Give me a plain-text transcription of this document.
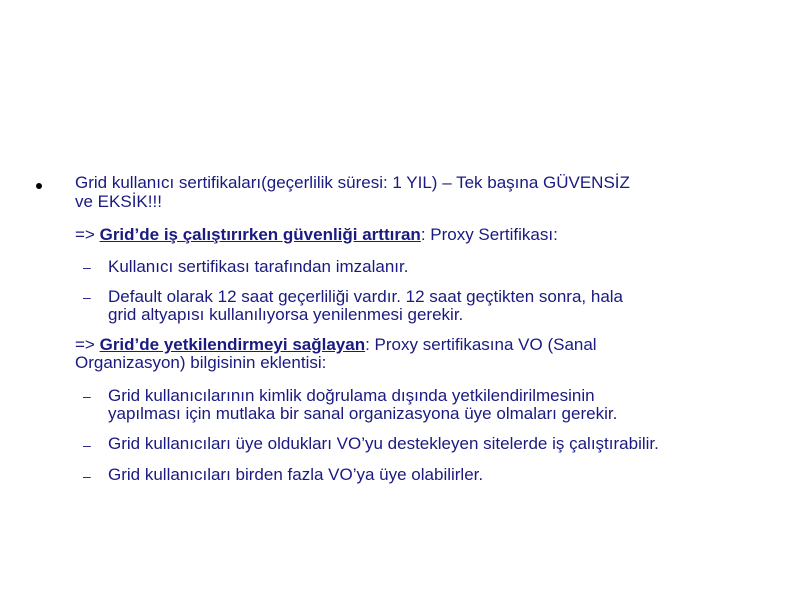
Grid kullanıcı sertifikaları(geçerlilik süresi: 1 YIL) – Tek başına GÜVENSİZ
ve EKSİK!!!
=> Grid’de iş çalıştırırken güvenliği arttıran: Proxy Sertifikası:
– Kullanıcı sertifikası tarafından imzalanır.
– Default olarak 12 saat geçerliliği vardır. 12 saat geçtikten sonra, hala
grid altyapısı kullanılıyorsa yenilenmesi gerekir.
=> Grid’de yetkilendirmeyi sağlayan: Proxy sertifikasına VO (Sanal
Organizasyon) bilgisinin eklentisi:
– Grid kullanıcılarının kimlik doğrulama dışında yetkilendirilmesinin
yapılması için mutlaka bir sanal organizasyona üye olmaları gerekir.
– Grid kullanıcıları üye oldukları VO’yu destekleyen sitelerde iş çalıştırabilir.
– Grid kullanıcıları birden fazla VO’ya üye olabilirler.
